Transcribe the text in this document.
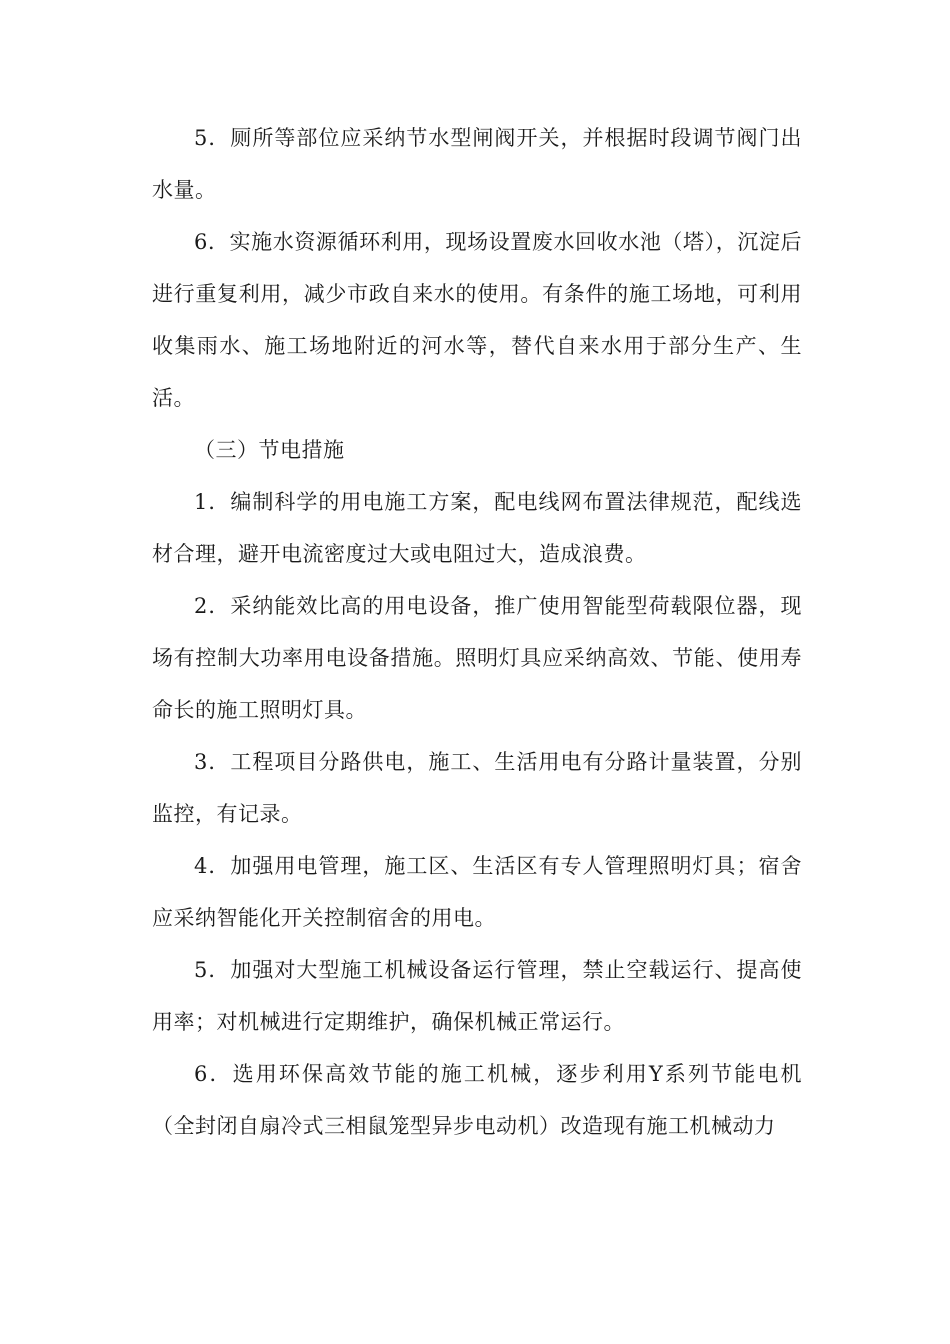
5．厕所等部位应采纳节水型闸阀开关，并根据时段调节阀门出水量。

6．实施水资源循环利用，现场设置废水回收水池（塔），沉淀后进行重复利用，减少市政自来水的使用。有条件的施工场地，可利用收集雨水、施工场地附近的河水等，替代自来水用于部分生产、生活。

（三）节电措施

1．编制科学的用电施工方案，配电线网布置法律规范，配线选材合理，避开电流密度过大或电阻过大，造成浪费。

2．采纳能效比高的用电设备，推广使用智能型荷载限位器，现场有控制大功率用电设备措施。照明灯具应采纳高效、节能、使用寿命长的施工照明灯具。

3．工程项目分路供电，施工、生活用电有分路计量装置，分别监控，有记录。

4．加强用电管理，施工区、生活区有专人管理照明灯具；宿舍应采纳智能化开关控制宿舍的用电。

5．加强对大型施工机械设备运行管理，禁止空载运行、提高使用率；对机械进行定期维护，确保机械正常运行。

6．选用环保高效节能的施工机械，逐步利用Y系列节能电机（全封闭自扇冷式三相鼠笼型异步电动机）改造现有施工机械动力
